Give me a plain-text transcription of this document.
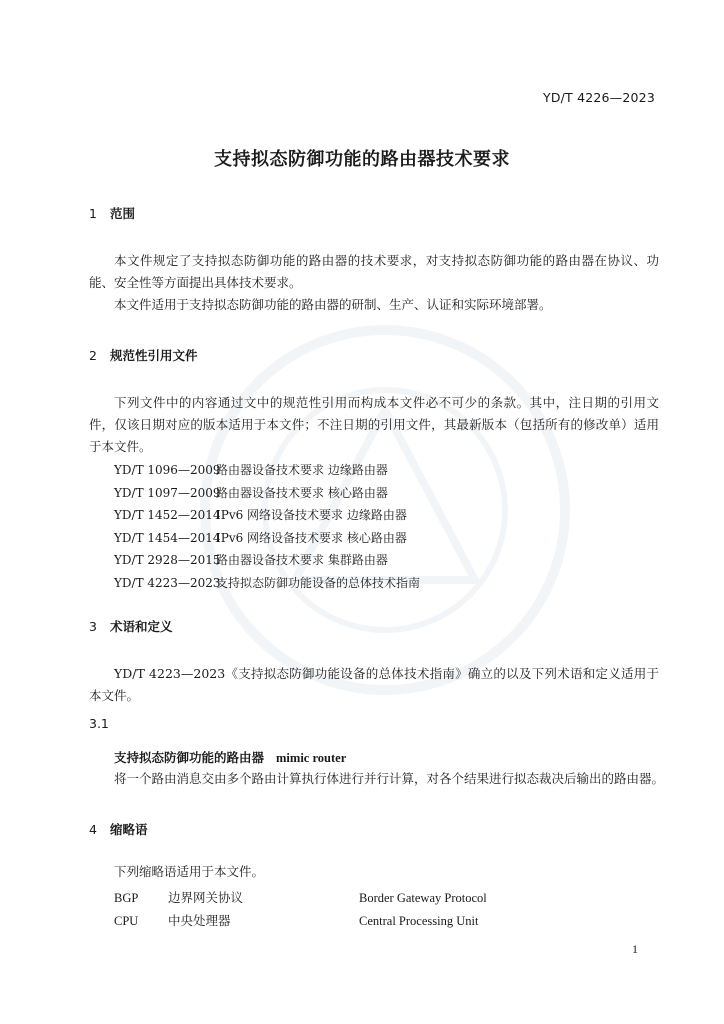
YD/T 4226—2023
支持拟态防御功能的路由器技术要求
1 范围
本文件规定了支持拟态防御功能的路由器的技术要求，对支持拟态防御功能的路由器在协议、功能、安全性等方面提出具体技术要求。
本文件适用于支持拟态防御功能的路由器的研制、生产、认证和实际环境部署。
2 规范性引用文件
下列文件中的内容通过文中的规范性引用而构成本文件必不可少的条款。其中，注日期的引用文件，仅该日期对应的版本适用于本文件；不注日期的引用文件，其最新版本（包括所有的修改单）适用于本文件。
YD/T 1096—2009路由器设备技术要求 边缘路由器
YD/T 1097—2009路由器设备技术要求 核心路由器
YD/T 1452—2014IPv6 网络设备技术要求 边缘路由器
YD/T 1454—2014IPv6 网络设备技术要求 核心路由器
YD/T 2928—2015路由器设备技术要求 集群路由器
YD/T 4223—2023支持拟态防御功能设备的总体技术指南
3 术语和定义
YD/T 4223—2023《支持拟态防御功能设备的总体技术指南》确立的以及下列术语和定义适用于本文件。
3.1
支持拟态防御功能的路由器 mimic router
将一个路由消息交由多个路由计算执行体进行并行计算，对各个结果进行拟态裁决后输出的路由器。
4 缩略语
下列缩略语适用于本文件。
BGP 边界网关协议	Border Gateway Protocol
CPU 中央处理器	Central Processing Unit
1
